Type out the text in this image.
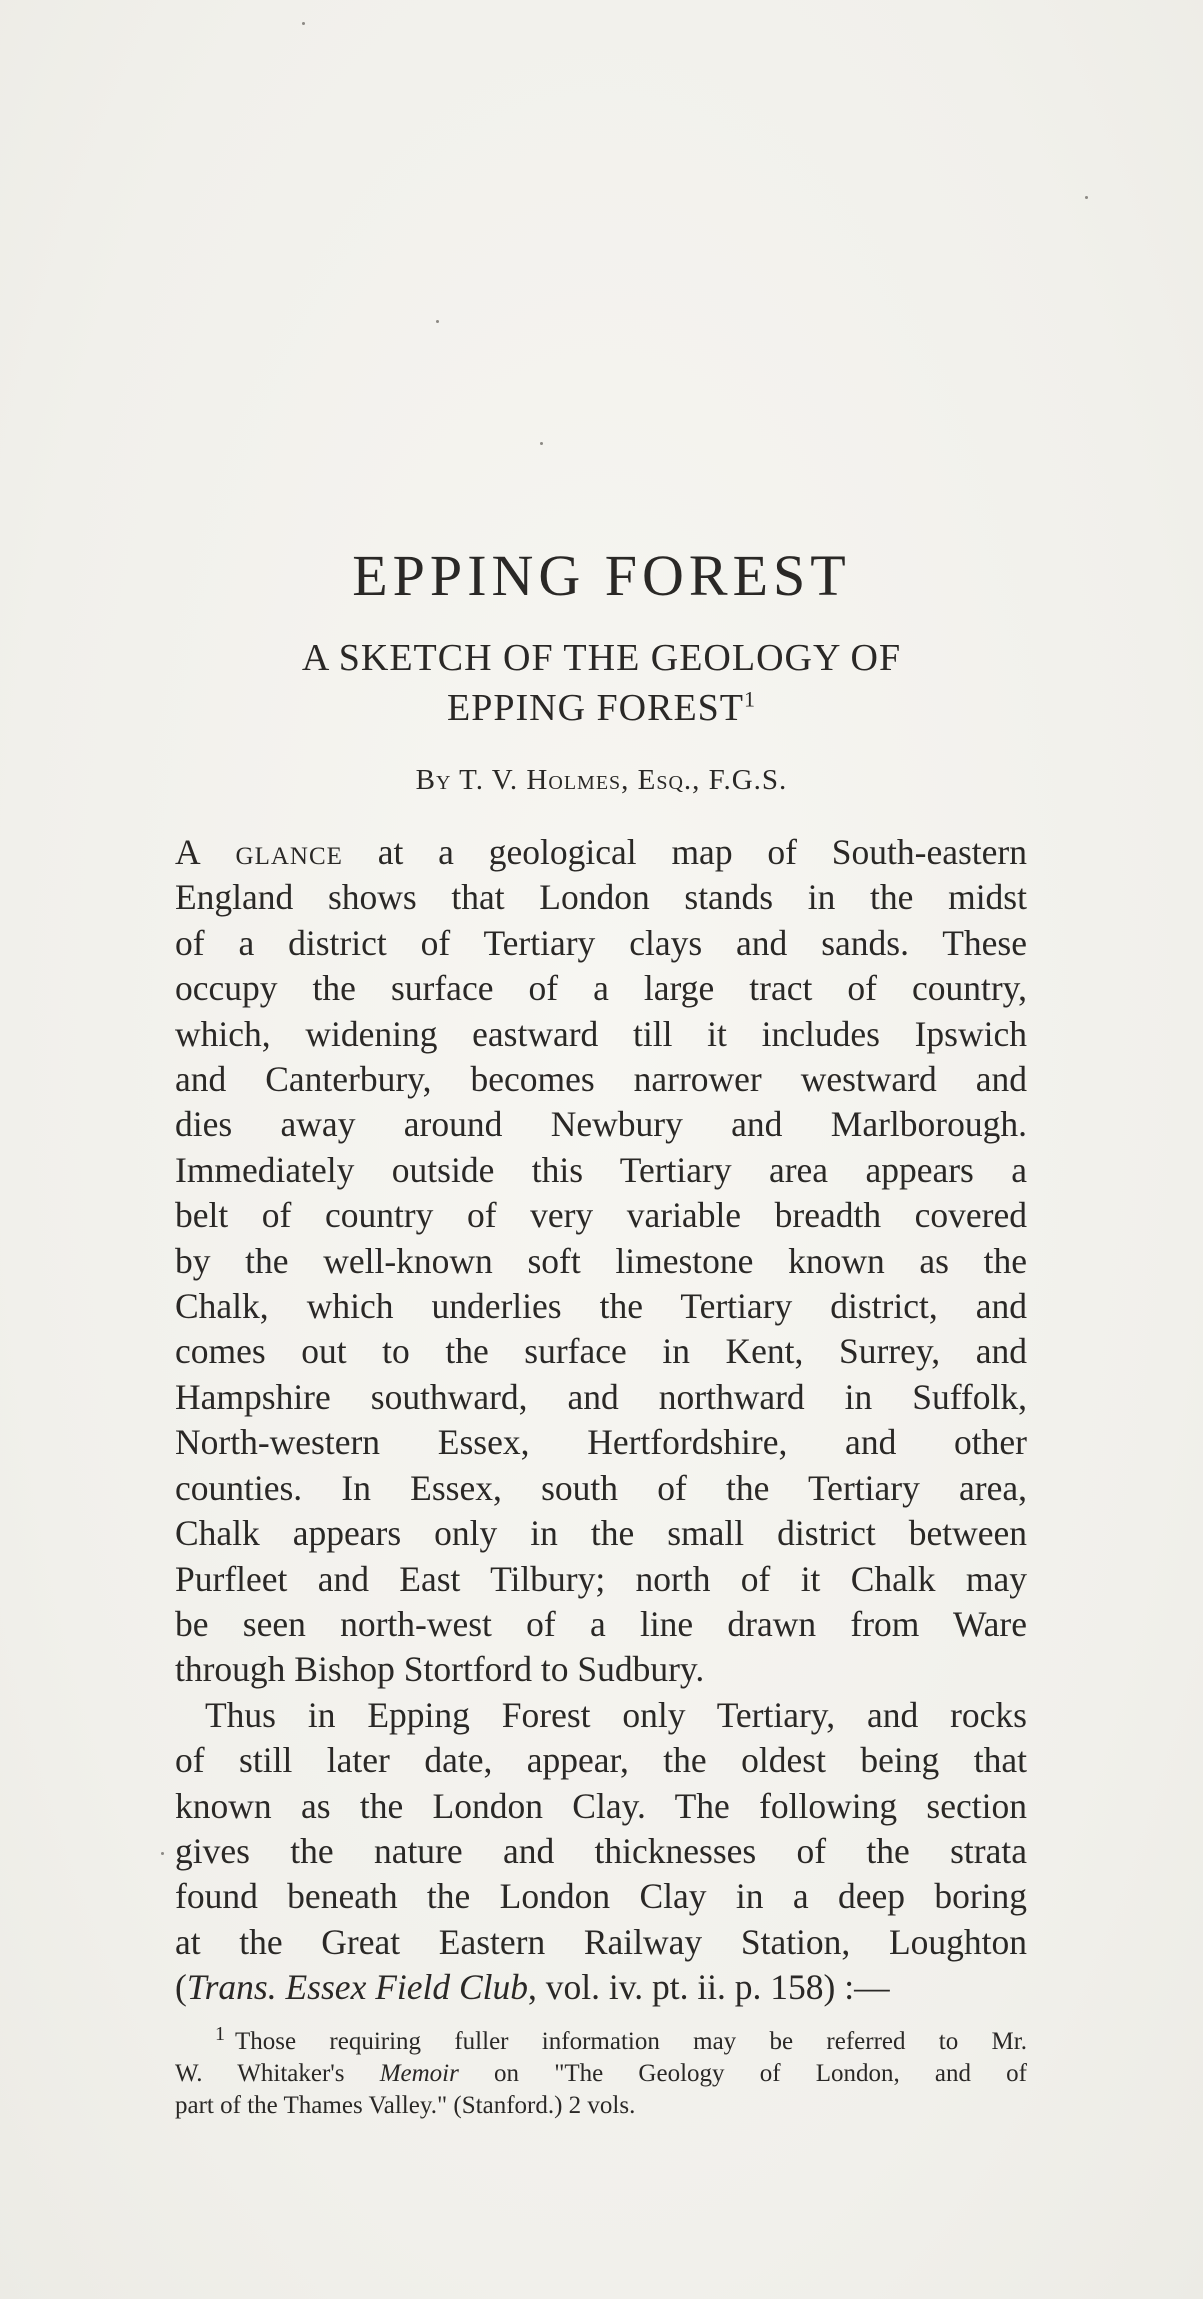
EPPING FOREST
A SKETCH OF THE GEOLOGY OF
EPPING FOREST$^1$
By T. V. Holmes, Esq., F.G.S.
A glance at a geological map of South-eastern
England shows that London stands in the midst
of a district of Tertiary clays and sands. These
occupy the surface of a large tract of country,
which, widening eastward till it includes Ipswich
and Canterbury, becomes narrower westward and
dies away around Newbury and Marlborough.
Immediately outside this Tertiary area appears a
belt of country of very variable breadth covered
by the well-known soft limestone known as the
Chalk, which underlies the Tertiary district, and
comes out to the surface in Kent, Surrey, and
Hampshire southward, and northward in Suffolk,
North-western Essex, Hertfordshire, and other
counties. In Essex, south of the Tertiary area,
Chalk appears only in the small district between
Purfleet and East Tilbury; north of it Chalk may
be seen north-west of a line drawn from Ware
through Bishop Stortford to Sudbury.
Thus in Epping Forest only Tertiary, and rocks
of still later date, appear, the oldest being that
known as the London Clay. The following section
gives the nature and thicknesses of the strata
found beneath the London Clay in a deep boring
at the Great Eastern Railway Station, Loughton
(Trans. Essex Field Club, vol. iv. pt. ii. p. 158) :—
$^1$ Those requiring fuller information may be referred to Mr.
W. Whitaker's Memoir on "The Geology of London, and of
part of the Thames Valley." (Stanford.) 2 vols.
